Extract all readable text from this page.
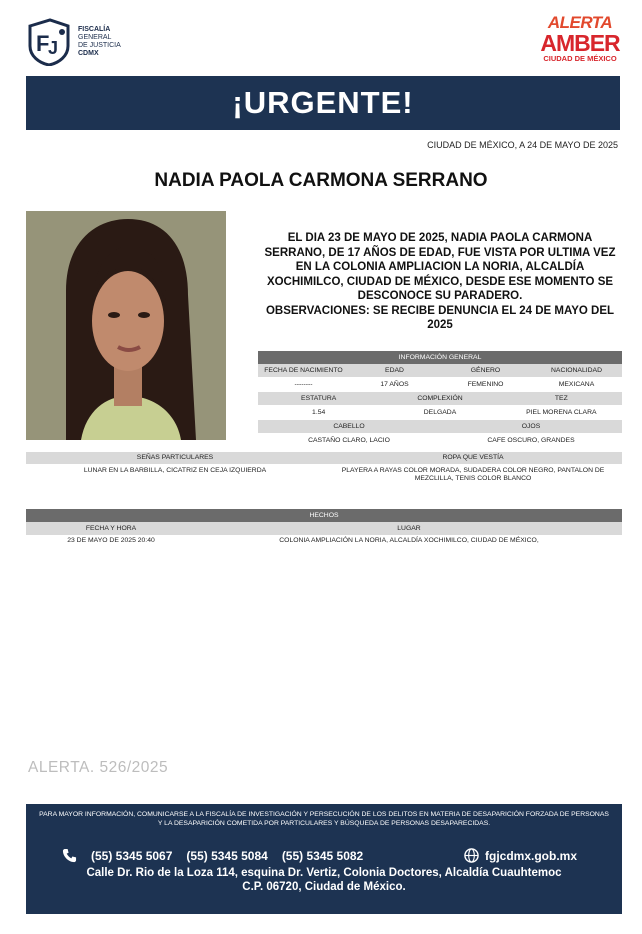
F
J
FISCALÍA
GENERAL
DE JUSTICIA
CDMX
ALERTA
AMBER
CIUDAD DE MÉXICO
¡URGENTE!
CIUDAD DE MÉXICO, A 24 DE MAYO DE 2025
NADIA PAOLA CARMONA SERRANO

EL DIA 23 DE MAYO DE 2025, NADIA PAOLA CARMONA SERRANO, DE 17 AÑOS DE EDAD, FUE VISTA POR ULTIMA VEZ EN LA COLONIA AMPLIACION LA NORIA, ALCALDÍA XOCHIMILCO, CIUDAD DE MÉXICO, DESDE ESE MOMENTO SE DESCONOCE SU PARADERO.

OBSERVACIONES: SE RECIBE DENUNCIA EL 24 DE MAYO DEL 2025

INFORMACIÓN GENERAL
FECHA DE NACIMIENTO	EDAD	GÉNERO	NACIONALIDAD
--------	17 AÑOS	FEMENINO	MEXICANA
ESTATURA	COMPLEXIÓN	TEZ
1.54	DELGADA	PIEL MORENA CLARA
CABELLO	OJOS
CASTAÑO CLARO, LACIO	CAFE OSCURO, GRANDES
SEÑAS PARTICULARES	ROPA QUE VESTÍA
LUNAR EN LA BARBILLA, CICATRIZ EN CEJA IZQUIERDA	PLAYERA A RAYAS COLOR MORADA, SUDADERA COLOR NEGRO, PANTALON DE MEZCLILLA, TENIS COLOR BLANCO
HECHOS
FECHA Y HORA	LUGAR
23 DE MAYO DE 2025 20:40	COLONIA AMPLIACIÓN LA NORIA, ALCALDÍA XOCHIMILCO, CIUDAD DE MÉXICO,
ALERTA. 526/2025
PARA MAYOR INFORMACIÓN, COMUNICARSE A LA FISCALÍA DE INVESTIGACIÓN Y PERSECUCIÓN DE LOS DELITOS EN MATERIA DE DESAPARICIÓN FORZADA DE PERSONAS Y LA DESAPARICIÓN COMETIDA POR PARTICULARES Y BÚSQUEDA DE PERSONAS DESAPARECIDAS.
(55) 5345 5067 (55) 5345 5084 (55) 5345 5082	fgjcdmx.gob.mx
Calle Dr. Rio de la Loza 114, esquina Dr. Vertiz, Colonia Doctores, Alcaldía Cuauhtemoc
C.P. 06720, Ciudad de México.
